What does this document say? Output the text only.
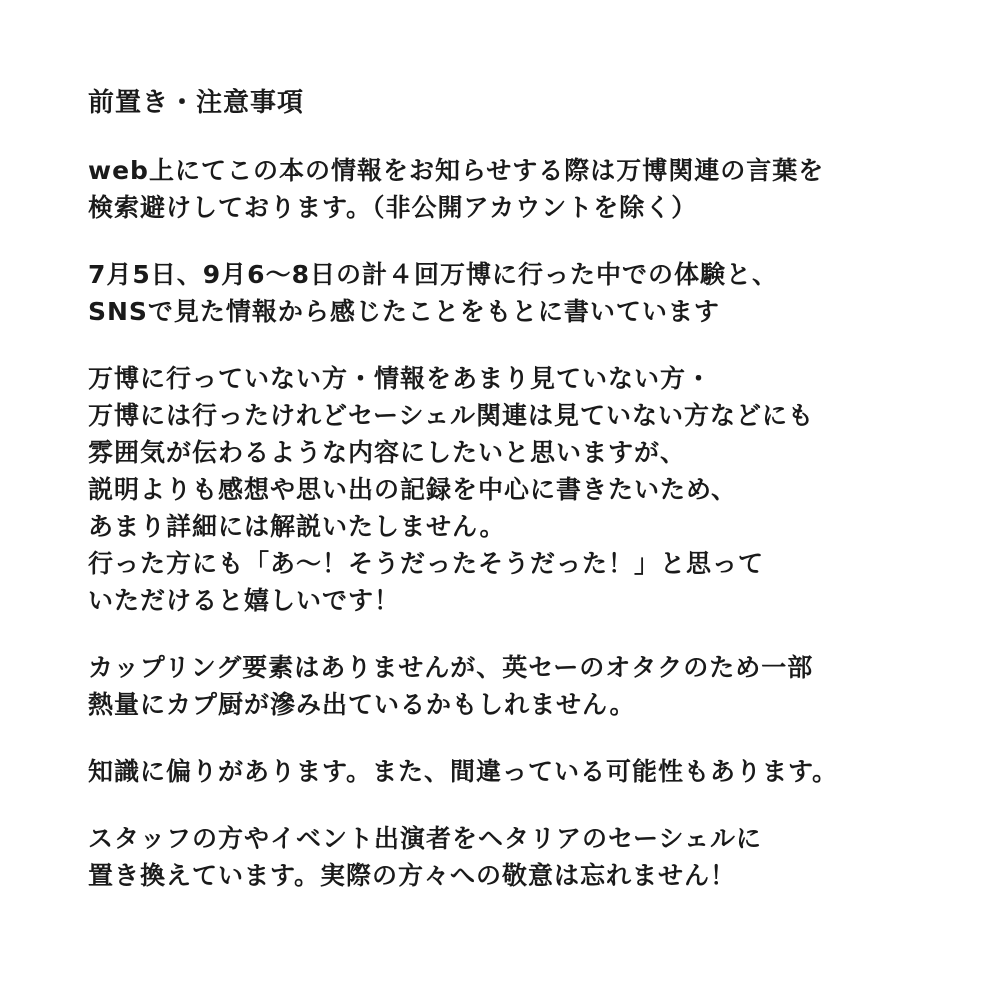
前置き・注意事項
web上にてこの本の情報をお知らせする際は万博関連の言葉を
検索避けしております。（非公開アカウントを除く）
7月5日、9月6〜8日の計４回万博に行った中での体験と、
SNSで見た情報から感じたことをもとに書いています
万博に行っていない方・情報をあまり見ていない方・
万博には行ったけれどセーシェル関連は見ていない方などにも
雰囲気が伝わるような内容にしたいと思いますが、
説明よりも感想や思い出の記録を中心に書きたいため、
あまり詳細には解説いたしません。
行った方にも「あ〜！そうだったそうだった！」と思って
いただけると嬉しいです！
カップリング要素はありませんが、英セーのオタクのため一部
熱量にカプ厨が滲み出ているかもしれません。
知識に偏りがあります。また、間違っている可能性もあります。
スタッフの方やイベント出演者をヘタリアのセーシェルに
置き換えています。実際の方々への敬意は忘れません！
